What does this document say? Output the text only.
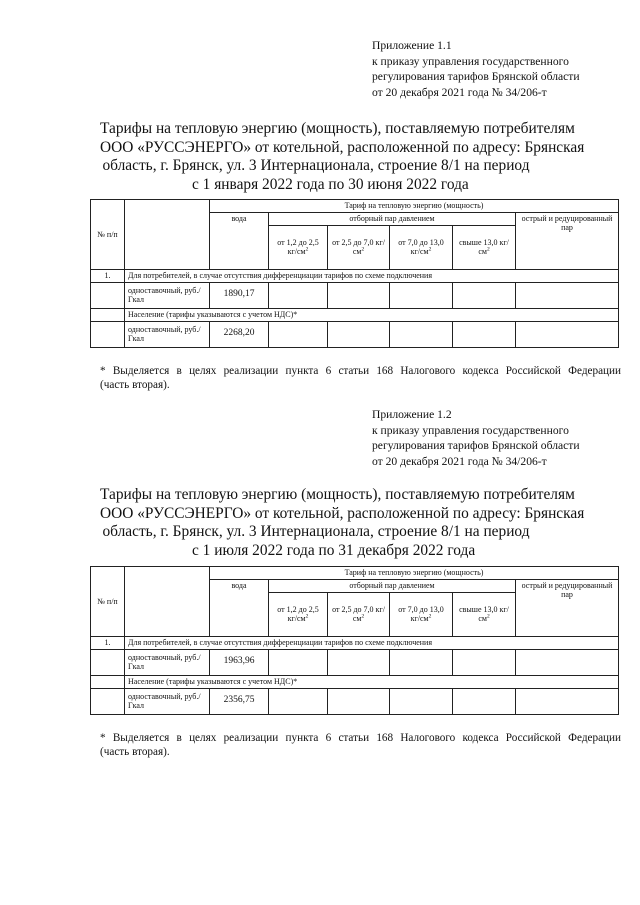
Приложение 1.1
к приказу управления государственного
регулирования тарифов Брянской области
от 20 декабря 2021 года № 34/206-т
Тарифы на тепловую энергию (мощность), поставляемую потребителям
ООО «РУССЭНЕРГО» от котельной, расположенной по адресу: Брянская
область, г. Брянск, ул. 3 Интернационала, строение 8/1 на период
с 1 января 2022 года по 30 июня 2022 года
№ п/п		Тариф на тепловую энергию (мощность)					
		вода	отборный пар давлением				острый и редуцированный пар
			от 1,2 до 2,5 $кг/см^2$	от 2,5 до 7,0 $кг/см^2$	от 7,0 до 13,0 $кг/см^2$	свыше 13,0 $кг/см^2$
1.	Для потребителей, в случае отсутствия дифференциации тарифов по схеме подключения						
	одноставочный, руб./Гкал	1890,17					
	Население (тарифы указываются с учетом НДС)*						
	одноставочный, руб./Гкал	2268,20					
* Выделяется в целях реализации пункта 6 статьи 168 Налогового кодекса Российской Федерации
(часть вторая).
Приложение 1.2
к приказу управления государственного
регулирования тарифов Брянской области
от 20 декабря 2021 года № 34/206-т
Тарифы на тепловую энергию (мощность), поставляемую потребителям
ООО «РУССЭНЕРГО» от котельной, расположенной по адресу: Брянская
область, г. Брянск, ул. 3 Интернационала, строение 8/1 на период
с 1 июля 2022 года по 31 декабря 2022 года
№ п/п		Тариф на тепловую энергию (мощность)					
		вода	отборный пар давлением				острый и редуцированный пар
			от 1,2 до 2,5 $кг/см^2$	от 2,5 до 7,0 $кг/см^2$	от 7,0 до 13,0 $кг/см^2$	свыше 13,0 $кг/см^2$
1.	Для потребителей, в случае отсутствия дифференциации тарифов по схеме подключения						
	одноставочный, руб./Гкал	1963,96					
	Население (тарифы указываются с учетом НДС)*						
	одноставочный, руб./Гкал	2356,75					
* Выделяется в целях реализации пункта 6 статьи 168 Налогового кодекса Российской Федерации
(часть вторая).
